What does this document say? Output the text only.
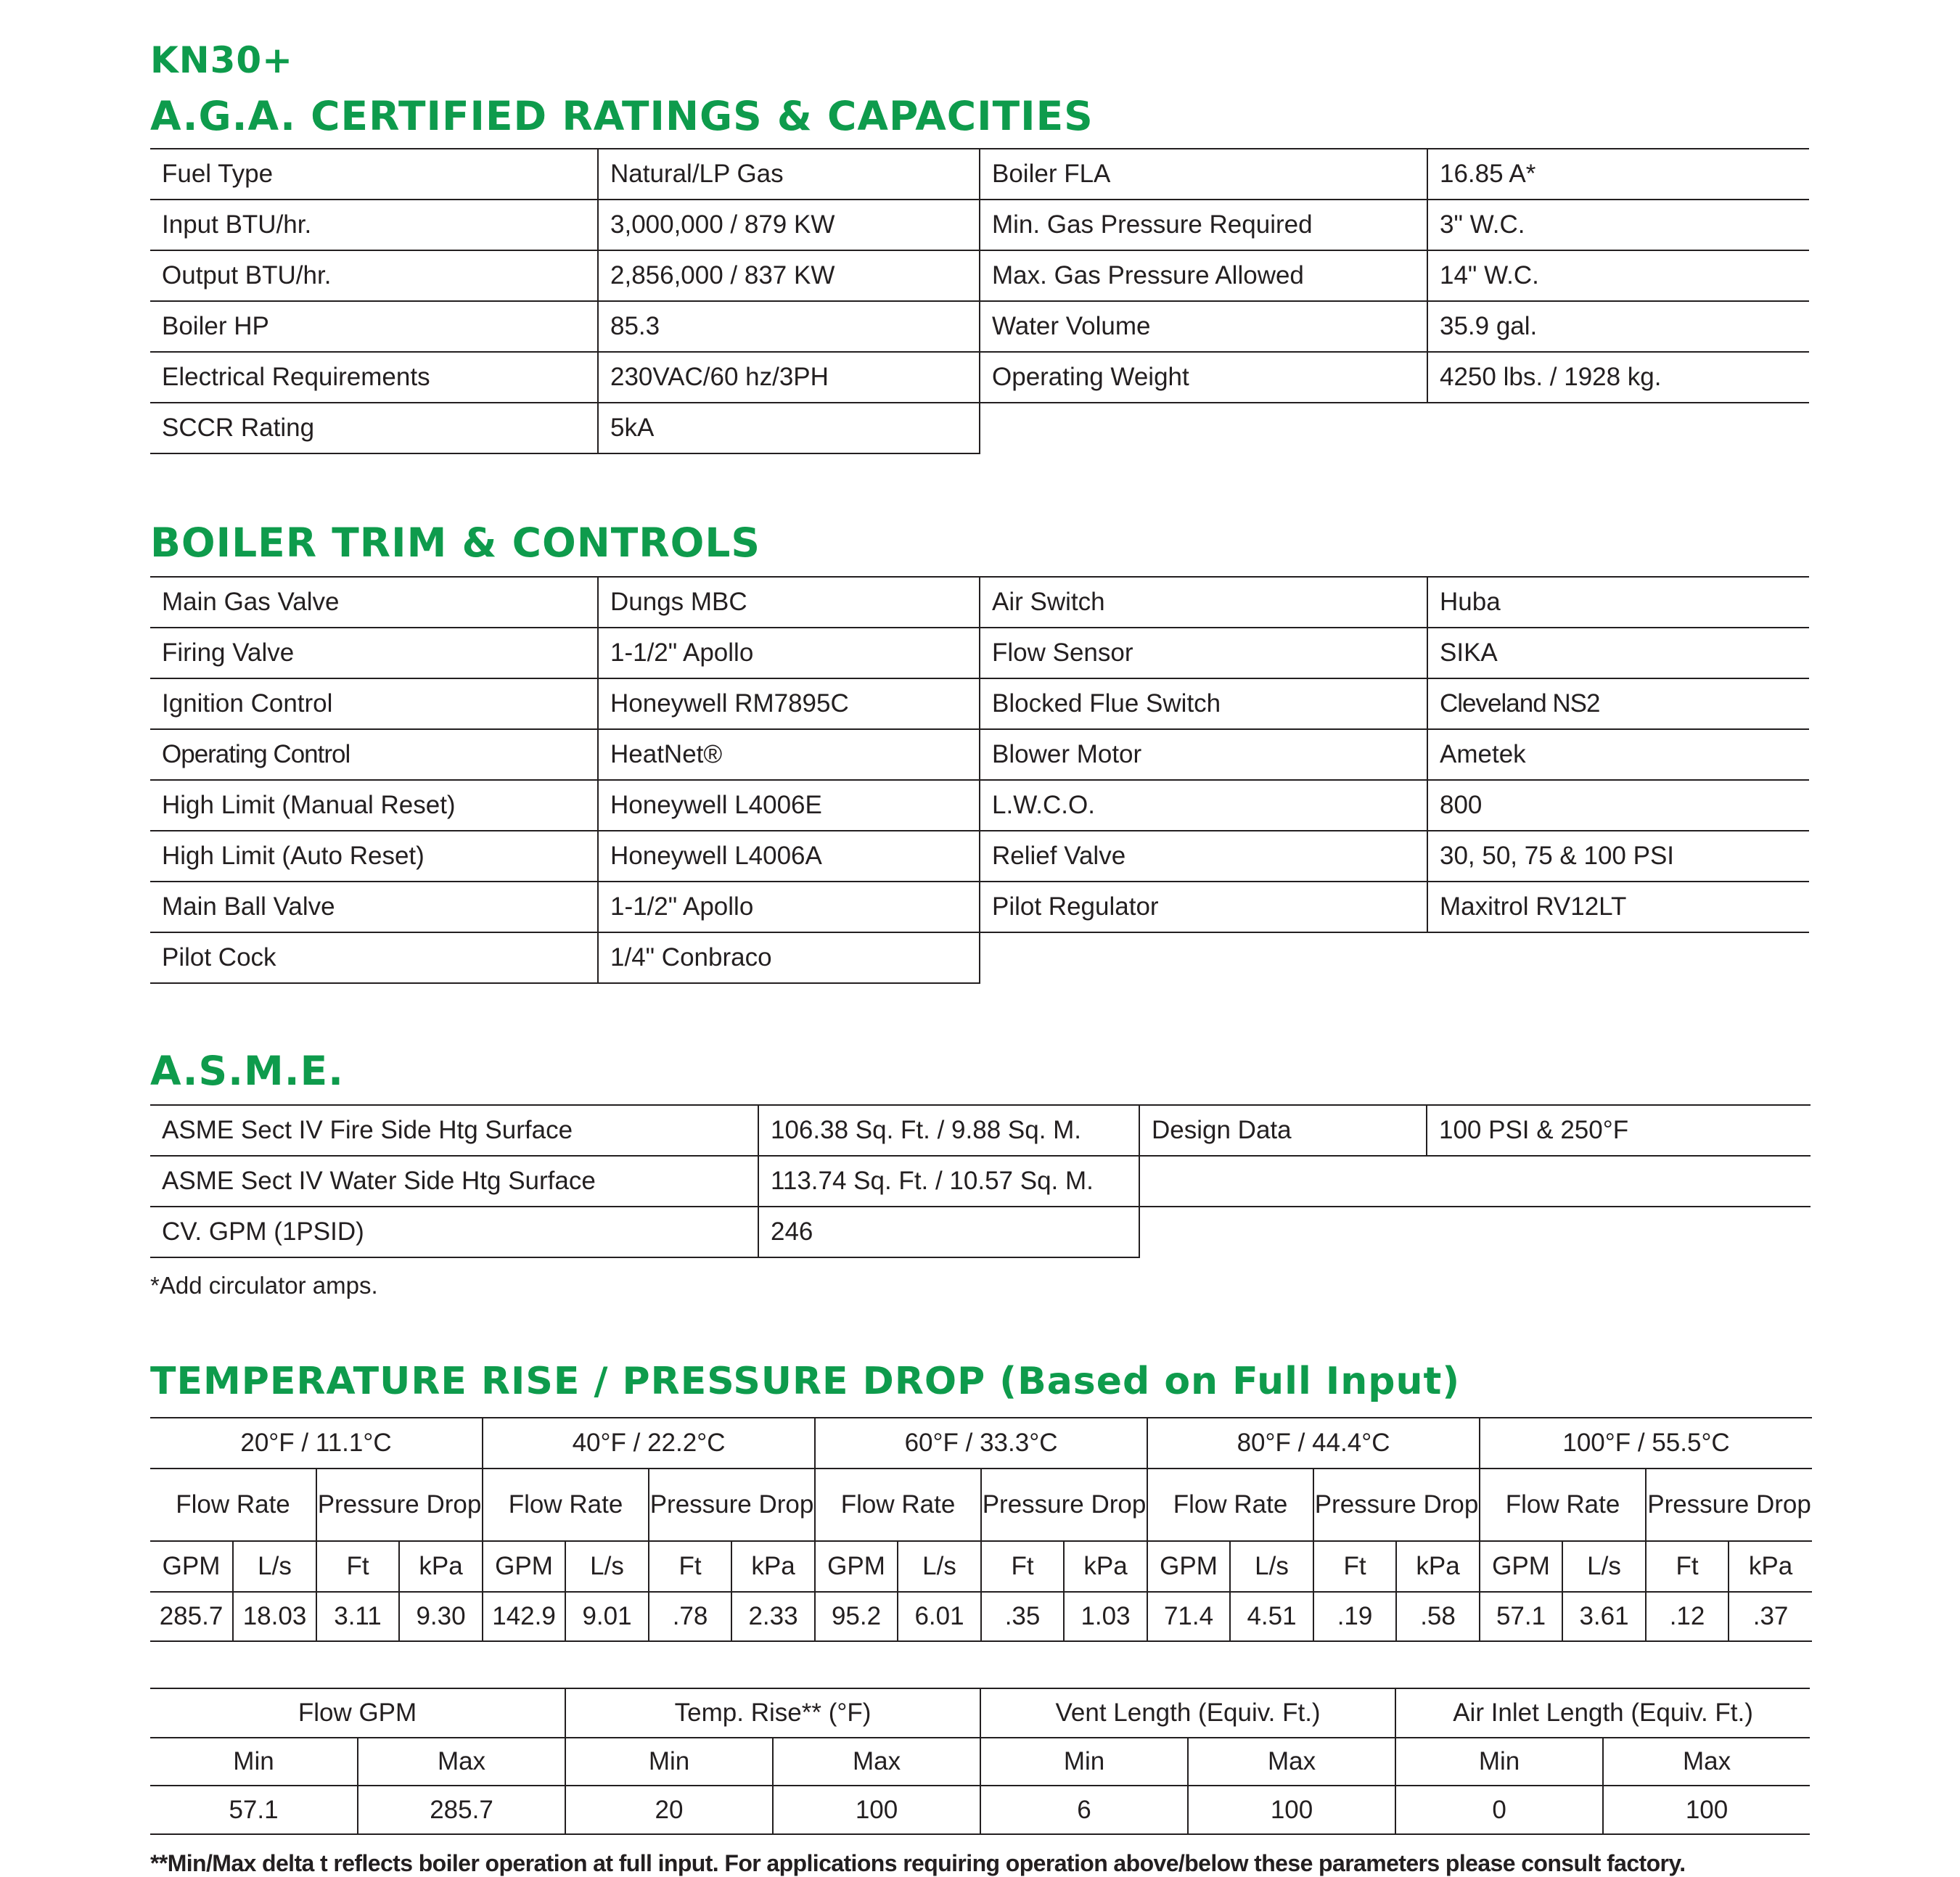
KN30+
A.G.A. CERTIFIED RATINGS & CAPACITIES
BOILER TRIM & CONTROLS
A.S.M.E.
TEMPERATURE RISE / PRESSURE DROP (Based on Full Input)
Fuel Type	Natural/LP Gas	Boiler FLA	16.85 A*
Input BTU/hr.	3,000,000 / 879 KW	Min. Gas Pressure Required	3" W.C.
Output BTU/hr.	2,856,000 / 837 KW	Max. Gas Pressure Allowed	14" W.C.
Boiler HP	85.3	Water Volume	35.9 gal.
Electrical Requirements	230VAC/60 hz/3PH	Operating Weight	4250 lbs. / 1928 kg.
SCCR Rating	5kA		
Main Gas Valve	Dungs MBC	Air Switch	Huba
Firing Valve	1-1/2" Apollo	Flow Sensor	SIKA
Ignition Control	Honeywell RM7895C	Blocked Flue Switch	Cleveland NS2
Operating Control	HeatNet®	Blower Motor	Ametek
High Limit (Manual Reset)	Honeywell L4006E	L.W.C.O.	800
High Limit (Auto Reset)	Honeywell L4006A	Relief Valve	30, 50, 75 & 100 PSI
Main Ball Valve	1-1/2" Apollo	Pilot Regulator	Maxitrol RV12LT
Pilot Cock	1/4" Conbraco		
ASME Sect IV Fire Side Htg Surface	106.38 Sq. Ft. / 9.88 Sq. M.	Design Data	100 PSI & 250°F
ASME Sect IV Water Side Htg Surface	113.74 Sq. Ft. / 10.57 Sq. M.		
CV. GPM (1PSID)	246		

*Add circulator amps.

20°F / 11.1°C				40°F / 22.2°C				60°F / 33.3°C				80°F / 44.4°C				100°F / 55.5°C			
Flow Rate		Pressure Drop		Flow Rate		Pressure Drop		Flow Rate		Pressure Drop		Flow Rate		Pressure Drop		Flow Rate		Pressure Drop	
GPM	L/s	Ft	kPa	GPM	L/s	Ft	kPa	GPM	L/s	Ft	kPa	GPM	L/s	Ft	kPa	GPM	L/s	Ft	kPa
285.7	18.03	3.11	9.30	142.9	9.01	.78	2.33	95.2	6.01	.35	1.03	71.4	4.51	.19	.58	57.1	3.61	.12	.37
Flow GPM		Temp. Rise** (°F)		Vent Length (Equiv. Ft.)		Air Inlet Length (Equiv. Ft.)	
Min	Max	Min	Max	Min	Max	Min	Max
57.1	285.7	20	100	6	100	0	100

**Min/Max delta t reflects boiler operation at full input. For applications requiring operation above/below these parameters please consult factory.
